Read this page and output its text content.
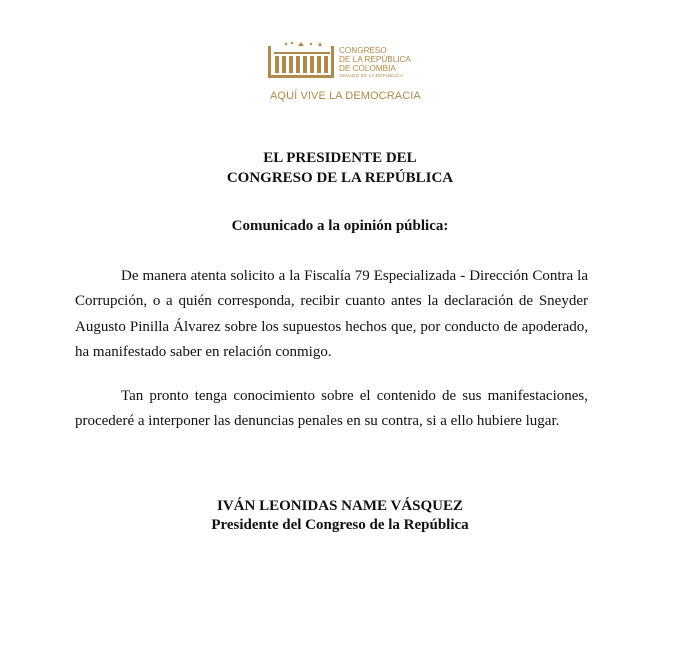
CONGRESO
DE LA REPÚBLICA
DE COLOMBIA
SENADO DE LA REPÚBLICA
AQUÍ VIVE LA DEMOCRACIA
EL PRESIDENTE DEL
CONGRESO DE LA REPÚBLICA
Comunicado a la opinión pública:

De manera atenta solicito a la Fiscalía 79 Especializada - Dirección Contra la Corrupción, o a quién corresponda, recibir cuanto antes la declaración de Sneyder Augusto Pinilla Álvarez sobre los supuestos hechos que, por conducto de apoderado, ha manifestado saber en relación conmigo.

Tan pronto tenga conocimiento sobre el contenido de sus manifestaciones, procederé a interponer las denuncias penales en su contra, si a ello hubiere lugar.

IVÁN LEONIDAS NAME VÁSQUEZ
Presidente del Congreso de la República
